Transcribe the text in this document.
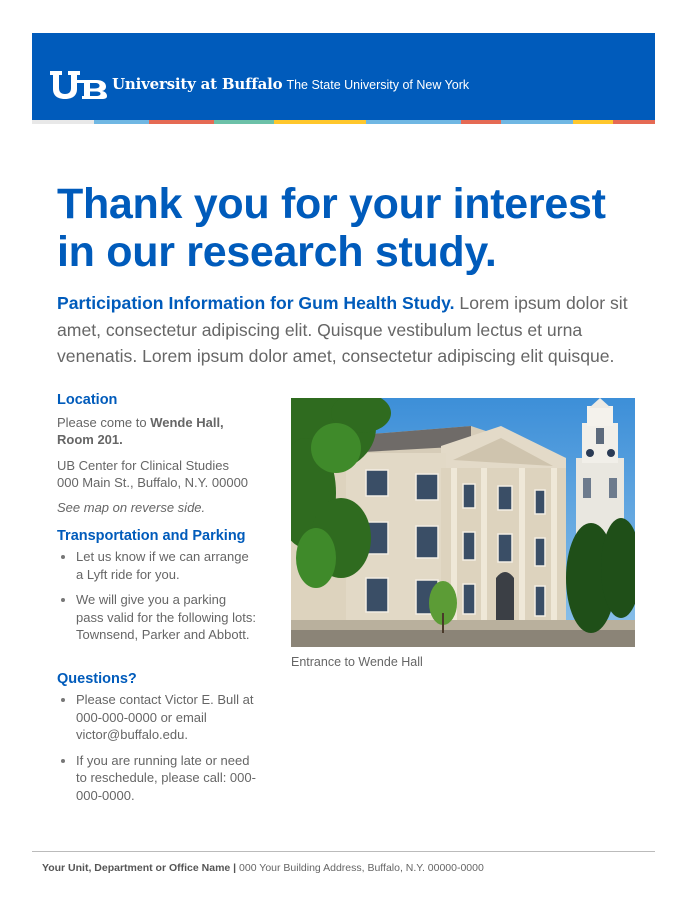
University at Buffalo The State University of New York
Thank you for your interest
in our research study.

Participation Information for Gum Health Study. Lorem ipsum dolor sit amet, consectetur adipiscing elit. Quisque vestibulum lectus et urna venenatis. Lorem ipsum dolor amet, consectetur adipiscing elit quisque.

Location

Please come to Wende Hall, Room 201.

UB Center for Clinical Studies

000 Main St., Buffalo, N.Y. 00000

See map on reverse side.

Transportation and Parking
Let us know if we can arrange a Lyft ride for you.
We will give you a parking pass valid for the following lots: Townsend, Parker and Abbott.
Questions?
Please contact Victor E. Bull at 000-000-0000 or email victor@buffalo.edu.
If you are running late or need to reschedule, please call: 000-000-0000.
Entrance to Wende Hall
Your Unit, Department or Office Name | 000 Your Building Address, Buffalo, N.Y. 00000-0000
